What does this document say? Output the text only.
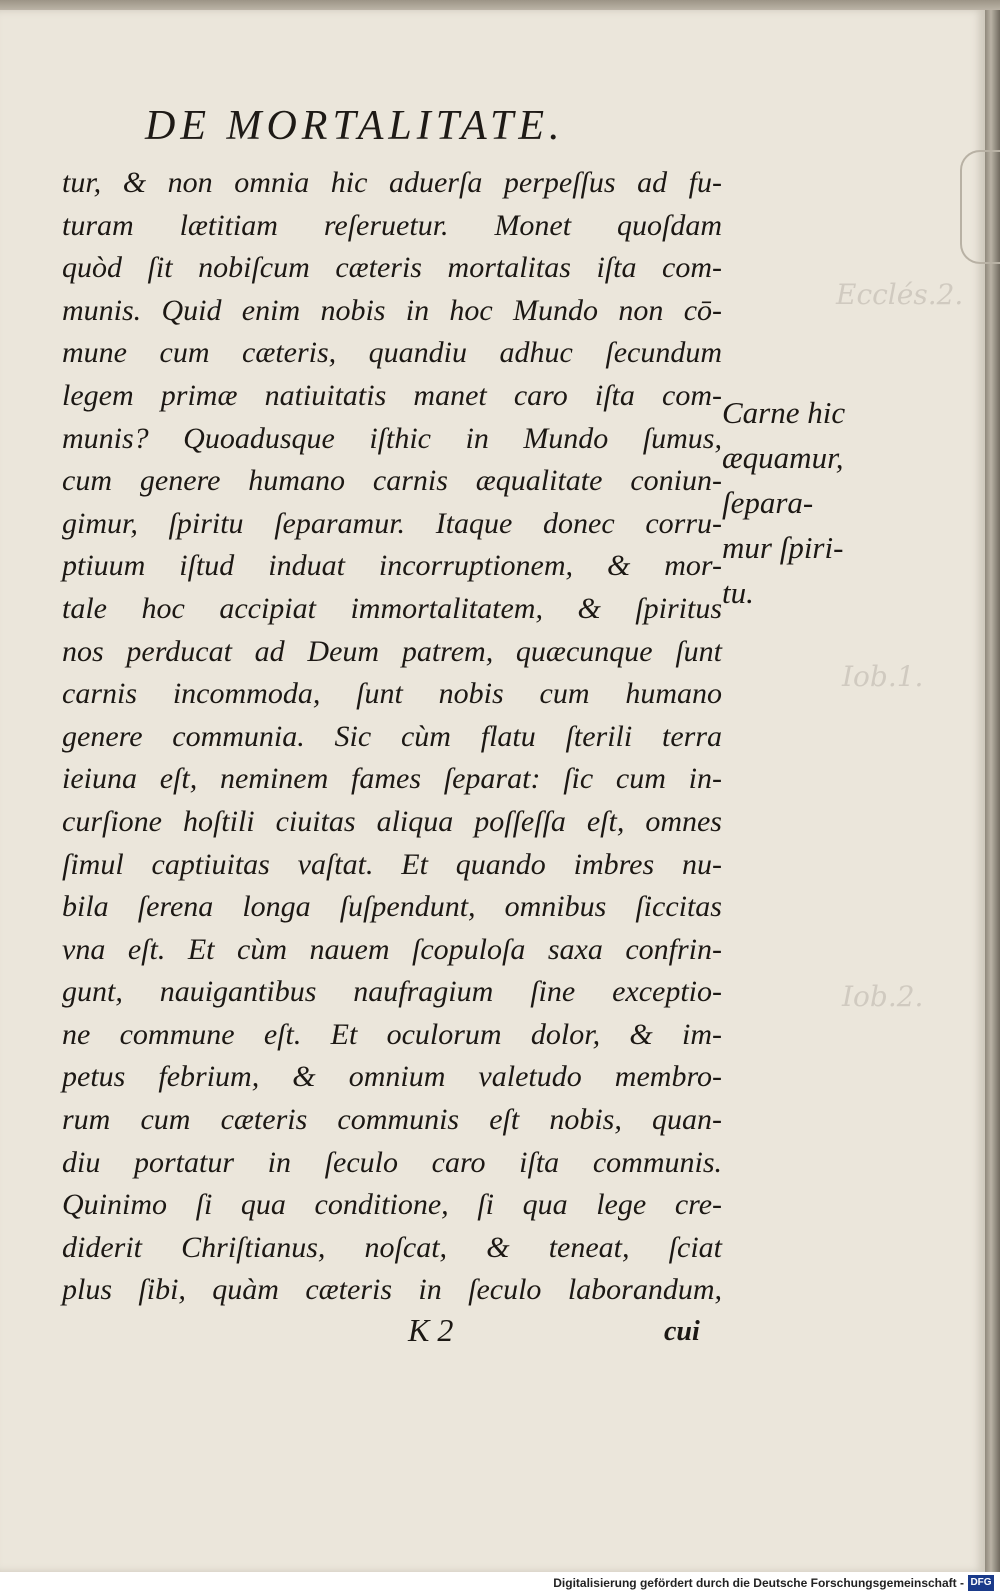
Ecclés.2.
Iob.1.
Iob.2.
DE MORTALITATE.
tur, & non omnia hic aduerſa perpeſſus ad fu-
turam lætitiam reſeruetur. Monet quoſdam
quòd ſit nobiſcum cæteris mortalitas iſta com-
munis. Quid enim nobis in hoc Mundo non cō-
mune cum cæteris, quandiu adhuc ſecundum
legem primæ natiuitatis manet caro iſta com-
munis? Quoadusque iſthic in Mundo ſumus,
cum genere humano carnis æqualitate coniun-
gimur, ſpiritu ſeparamur. Itaque donec corru-
ptiuum iſtud induat incorruptionem, & mor-
tale hoc accipiat immortalitatem, & ſpiritus
nos perducat ad Deum patrem, quæcunque ſunt
carnis incommoda, ſunt nobis cum humano
genere communia. Sic cùm flatu ſterili terra
ieiuna eſt, neminem fames ſeparat: ſic cum in-
curſione hoſtili ciuitas aliqua poſſeſſa eſt, omnes
ſimul captiuitas vaſtat. Et quando imbres nu-
bila ſerena longa ſuſpendunt, omnibus ſiccitas
vna eſt. Et cùm nauem ſcopuloſa saxa confrin-
gunt, nauigantibus naufragium ſine exceptio-
ne commune eſt. Et oculorum dolor, & im-
petus febrium, & omnium valetudo membro-
rum cum cæteris communis eſt nobis, quan-
diu portatur in ſeculo caro iſta communis.
Quinimo ſi qua conditione, ſi qua lege cre-
diderit Chriſtianus, noſcat, & teneat, ſciat
plus ſibi, quàm cæteris in ſeculo laborandum,
Carne hic
æquamur,
ſepara-
mur ſpiri-
tu.
K 2	cui
Digitalisierung gefördert durch die Deutsche Forschungsgemeinschaft - DFG
